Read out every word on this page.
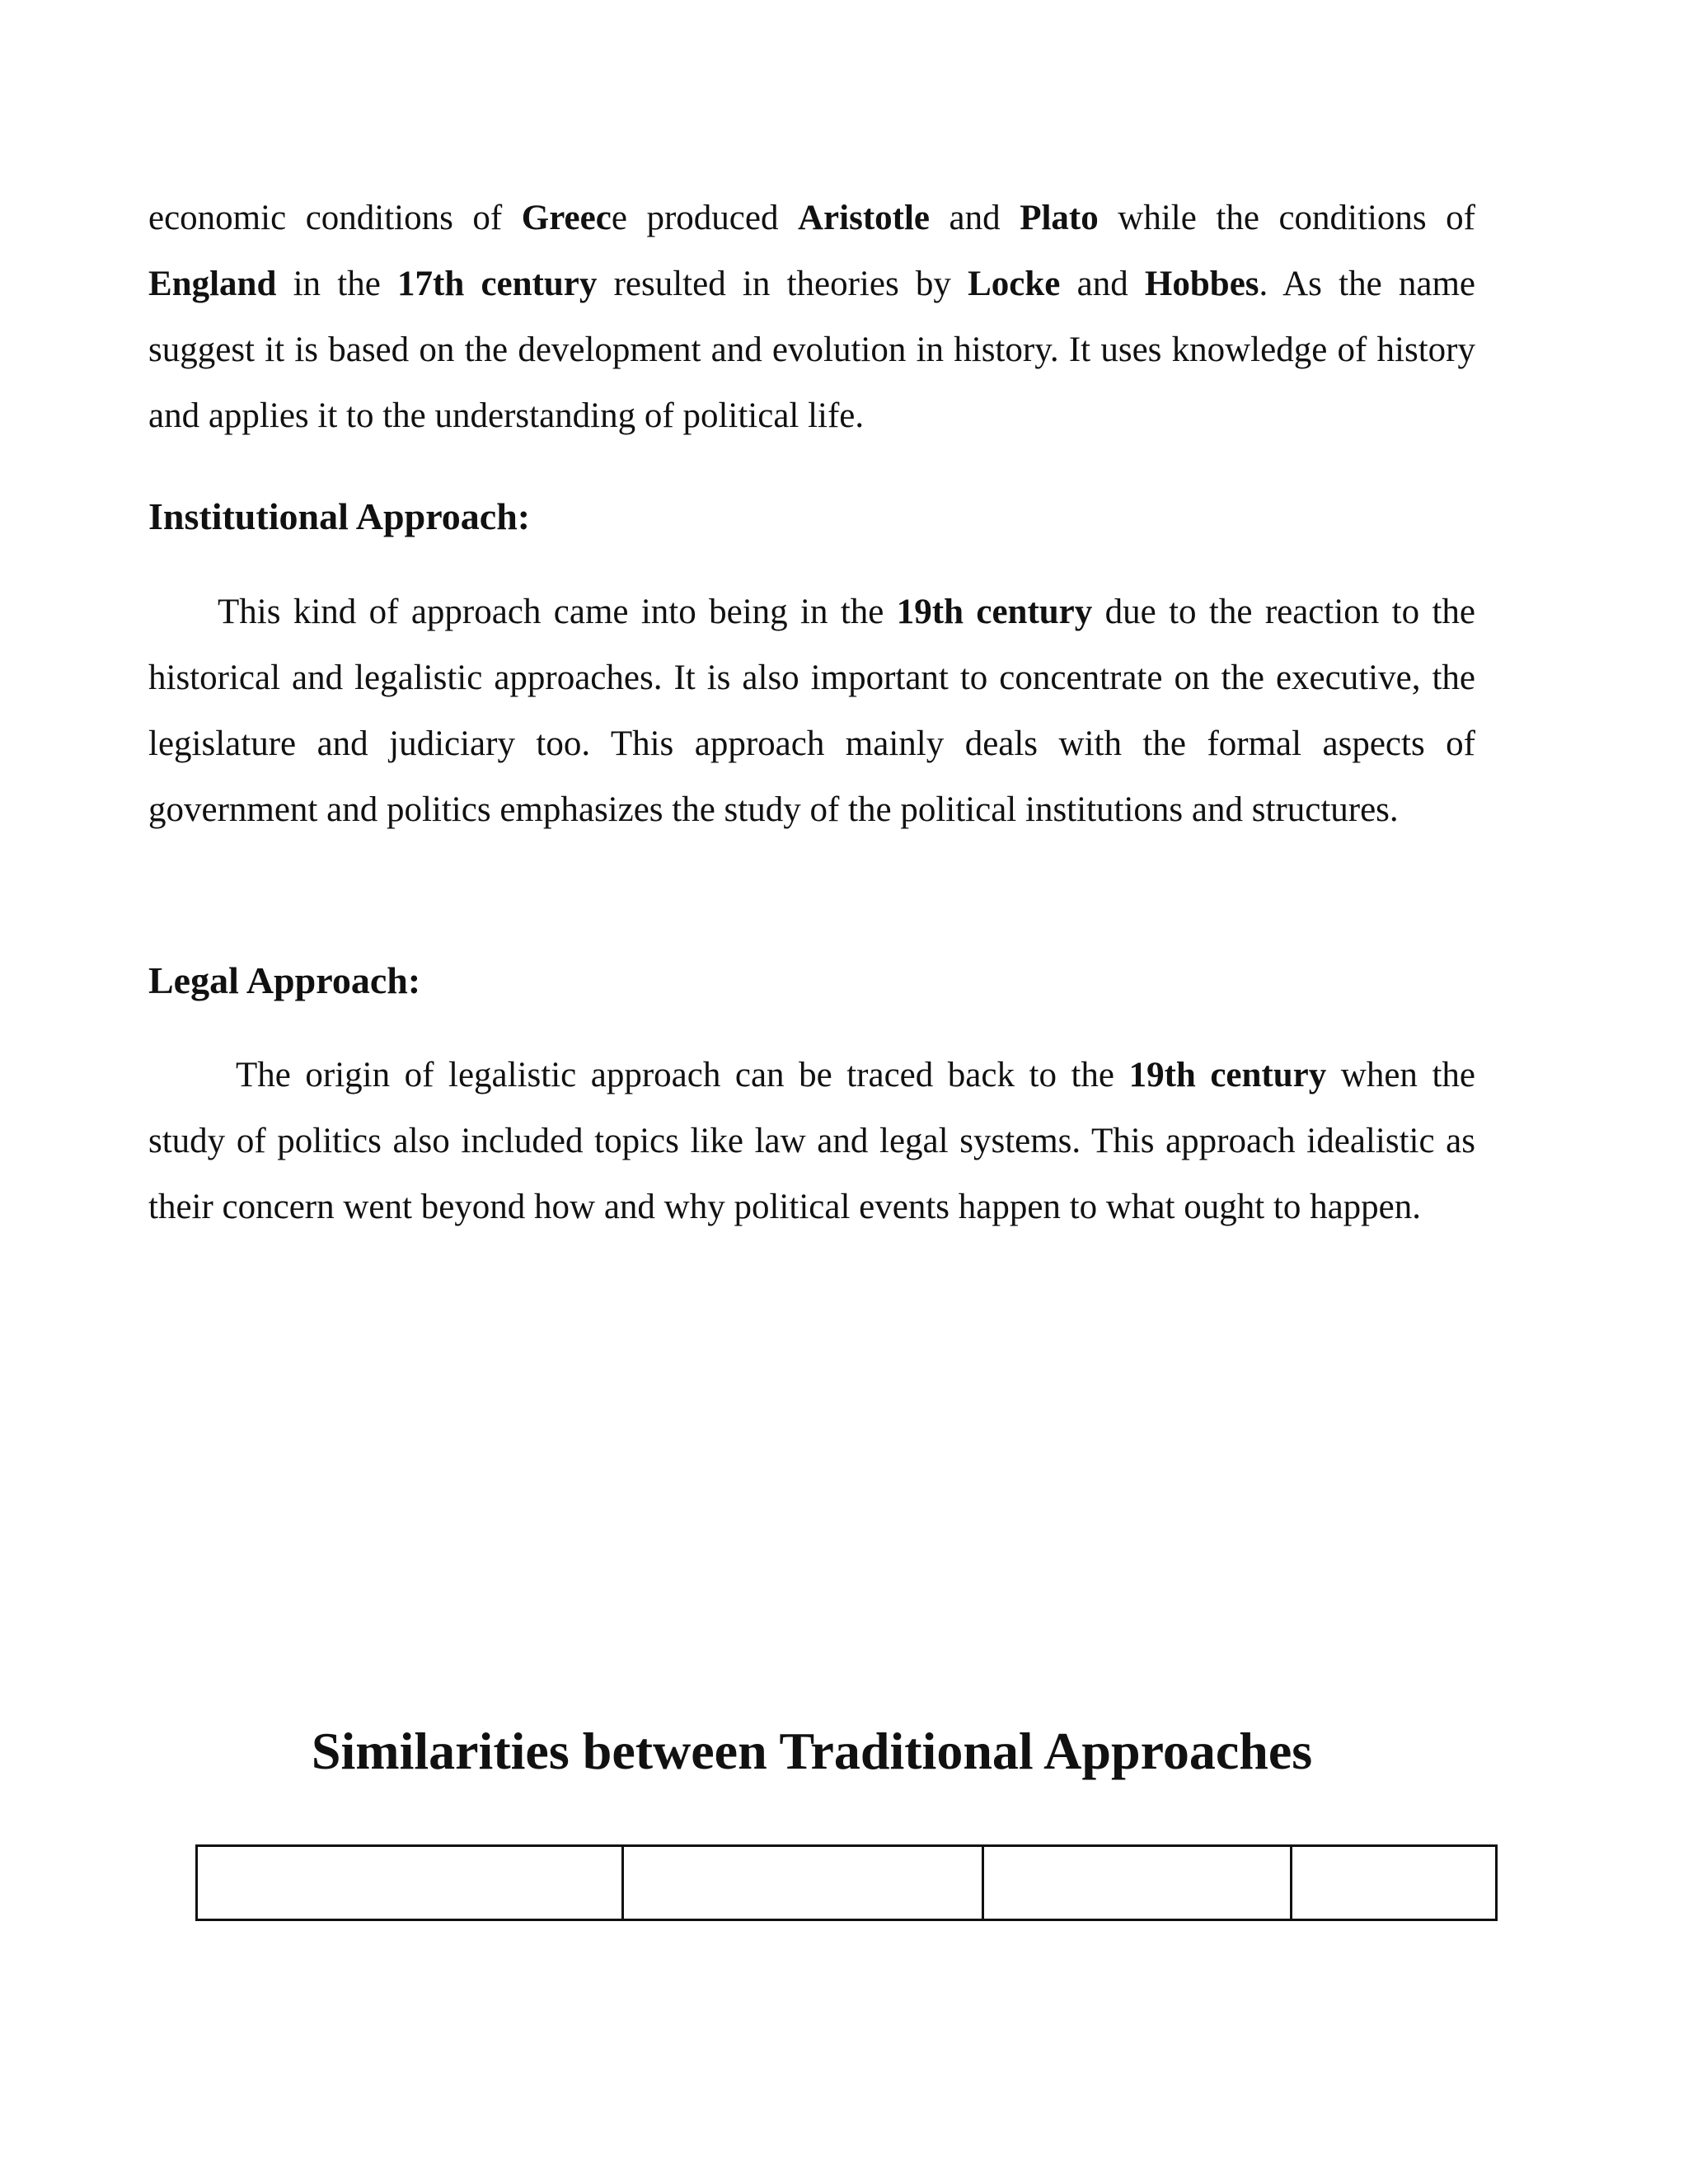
economic conditions of Greece produced Aristotle and Plato while the conditions of England in the 17th century resulted in theories by Locke and Hobbes. As the name suggest it is based on the development and evolution in history. It uses knowledge of history and applies it to the understanding of political life.

Institutional Approach:

This kind of approach came into being in the 19th century due to the reaction to the historical and legalistic approaches. It is also important to concentrate on the executive, the legislature and judiciary too. This approach mainly deals with the formal aspects of government and politics emphasizes the study of the political institutions and structures.

Legal Approach:

The origin of legalistic approach can be traced back to the 19th century when the study of politics also included topics like law and legal systems. This approach idealistic as their concern went beyond how and why political events happen to what ought to happen.

Similarities between Traditional Approaches
